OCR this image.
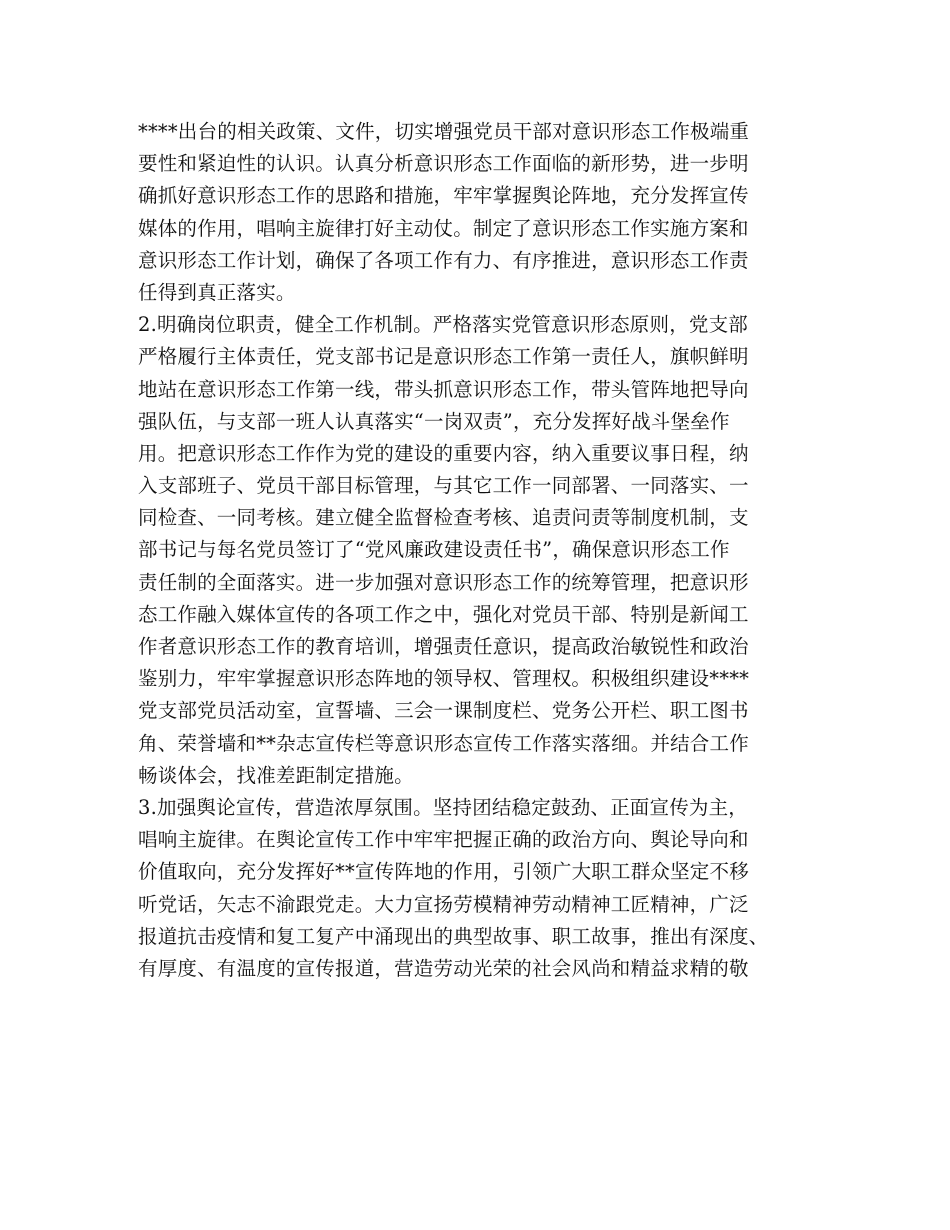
****出台的相关政策、文件，切实增强党员干部对意识形态工作极端重
要性和紧迫性的认识。认真分析意识形态工作面临的新形势，进一步明
确抓好意识形态工作的思路和措施，牢牢掌握舆论阵地，充分发挥宣传
媒体的作用，唱响主旋律打好主动仗。制定了意识形态工作实施方案和
意识形态工作计划，确保了各项工作有力、有序推进，意识形态工作责
任得到真正落实。
2.明确岗位职责，健全工作机制。严格落实党管意识形态原则，党支部
严格履行主体责任，党支部书记是意识形态工作第一责任人，旗帜鲜明
地站在意识形态工作第一线，带头抓意识形态工作，带头管阵地把导向
强队伍，与支部一班人认真落实“一岗双责”，充分发挥好战斗堡垒作
用。把意识形态工作作为党的建设的重要内容，纳入重要议事日程，纳
入支部班子、党员干部目标管理，与其它工作一同部署、一同落实、一
同检查、一同考核。建立健全监督检查考核、追责问责等制度机制，支
部书记与每名党员签订了“党风廉政建设责任书”，确保意识形态工作
责任制的全面落实。进一步加强对意识形态工作的统筹管理，把意识形
态工作融入媒体宣传的各项工作之中，强化对党员干部、特别是新闻工
作者意识形态工作的教育培训，增强责任意识，提高政治敏锐性和政治
鉴别力，牢牢掌握意识形态阵地的领导权、管理权。积极组织建设****
党支部党员活动室，宣誓墙、三会一课制度栏、党务公开栏、职工图书
角、荣誉墙和**杂志宣传栏等意识形态宣传工作落实落细。并结合工作
畅谈体会，找准差距制定措施。
3.加强舆论宣传，营造浓厚氛围。坚持团结稳定鼓劲、正面宣传为主，
唱响主旋律。在舆论宣传工作中牢牢把握正确的政治方向、舆论导向和
价值取向，充分发挥好**宣传阵地的作用，引领广大职工群众坚定不移
听党话，矢志不渝跟党走。大力宣扬劳模精神劳动精神工匠精神，广泛
报道抗击疫情和复工复产中涌现出的典型故事、职工故事，推出有深度、
有厚度、有温度的宣传报道，营造劳动光荣的社会风尚和精益求精的敬
